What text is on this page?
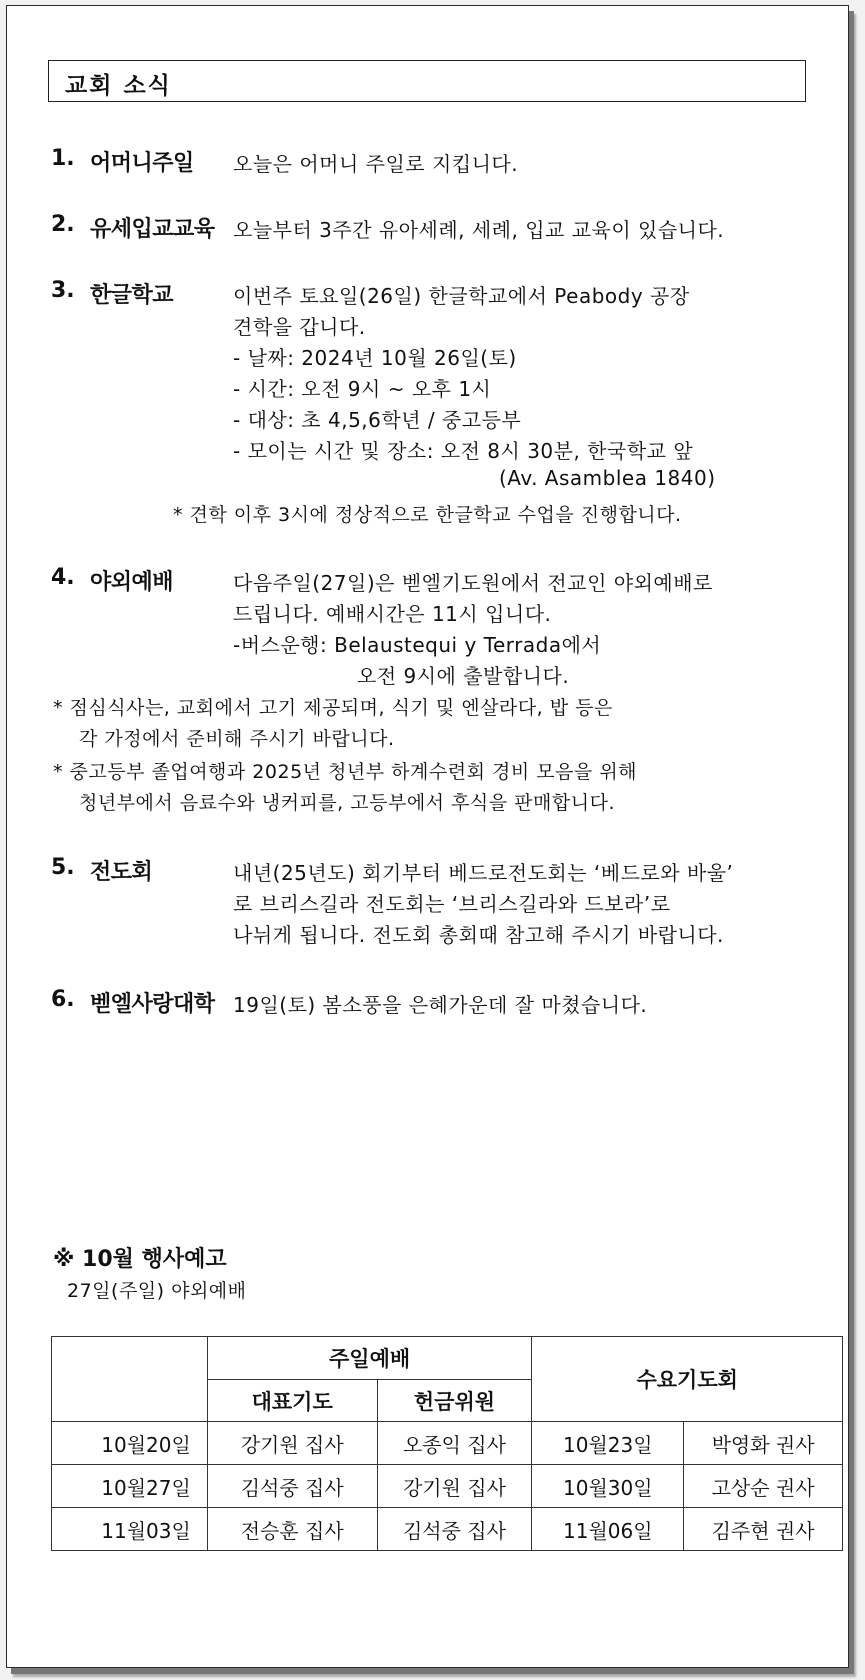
교회 소식
1. 어머니주일 오늘은 어머니 주일로 지킵니다.
2. 유세입교교육 오늘부터 3주간 유아세례, 세례, 입교 교육이 있습니다.
3. 한글학교	이번주 토요일(26일) 한글학교에서 Peabody 공장
견학을 갑니다.
- 날짜: 2024년 10월 26일(토)
- 시간: 오전 9시 ~ 오후 1시
- 대상: 초 4,5,6학년 / 중고등부
- 모이는 시간 및 장소: 오전 8시 30분, 한국학교 앞
(Av. Asamblea 1840)
* 견학 이후 3시에 정상적으로 한글학교 수업을 진행합니다.
4. 야외예배	다음주일(27일)은 벧엘기도원에서 전교인 야외예배로
드립니다. 예배시간은 11시 입니다.
-버스운행: Belaustequi y Terrada에서
오전 9시에 출발합니다.
* 점심식사는, 교회에서 고기 제공되며, 식기 및 엔살라다, 밥 등은
각 가정에서 준비해 주시기 바랍니다.
* 중고등부 졸업여행과 2025년 청년부 하계수련회 경비 모음을 위해
청년부에서 음료수와 냉커피를, 고등부에서 후식을 판매합니다.
5. 전도회	내년(25년도) 회기부터 베드로전도회는 ‘베드로와 바울’
로 브리스길라 전도회는 ‘브리스길라와 드보라’로
나뉘게 됩니다. 전도회 총회때 참고해 주시기 바랍니다.
6. 벧엘사랑대학 19일(토) 봄소풍을 은혜가운데 잘 마쳤습니다.
※ 10월 행사예고
27일(주일) 야외예배
	주일예배		수요기도회	
	대표기도	헌금위원		
10월20일	강기원 집사	오종익 집사	10월23일	박영화 권사
10월27일	김석중 집사	강기원 집사	10월30일	고상순 권사
11월03일	전승훈 집사	김석중 집사	11월06일	김주현 권사
